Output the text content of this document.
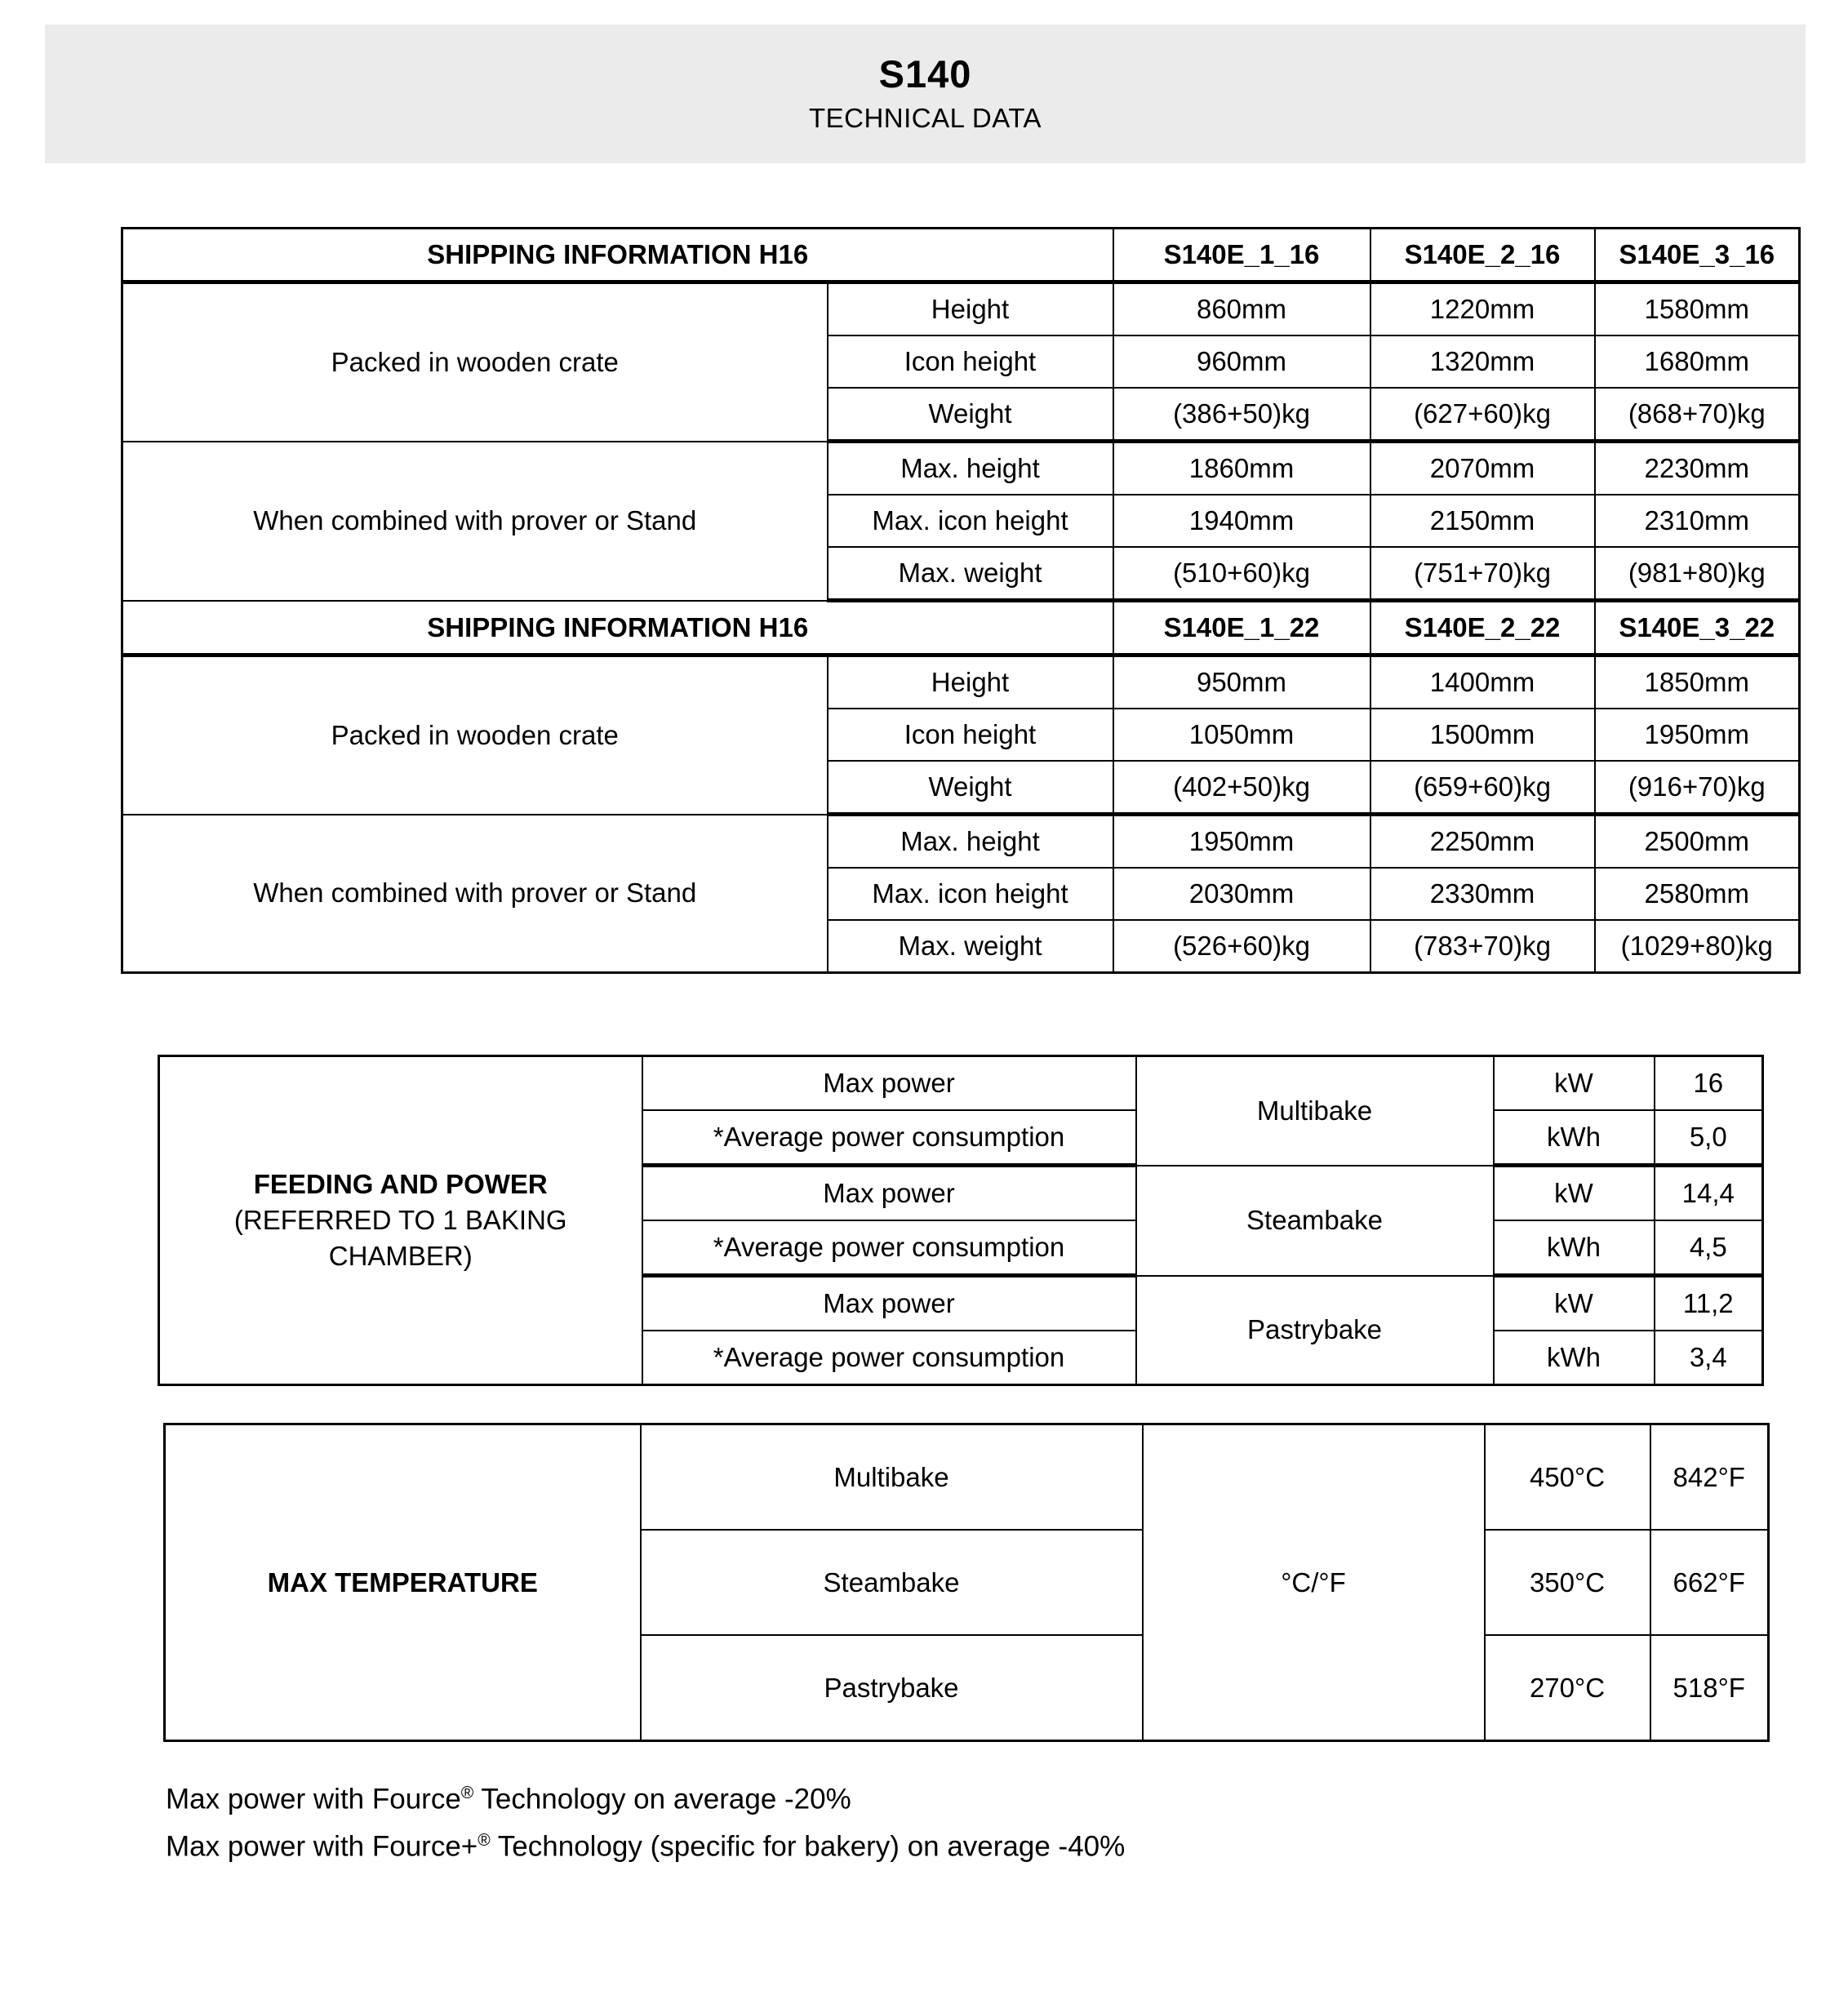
S140
TECHNICAL DATA
SHIPPING INFORMATION H16		S140E_1_16	S140E_2_16	S140E_3_16
Packed in wooden crate	Height	860mm	1220mm	1580mm
	Icon height	960mm	1320mm	1680mm
	Weight	(386+50)kg	(627+60)kg	(868+70)kg
When combined with prover or Stand	Max. height	1860mm	2070mm	2230mm
	Max. icon height	1940mm	2150mm	2310mm
	Max. weight	(510+60)kg	(751+70)kg	(981+80)kg
SHIPPING INFORMATION H16		S140E_1_22	S140E_2_22	S140E_3_22
Packed in wooden crate	Height	950mm	1400mm	1850mm
	Icon height	1050mm	1500mm	1950mm
	Weight	(402+50)kg	(659+60)kg	(916+70)kg
When combined with prover or Stand	Max. height	1950mm	2250mm	2500mm
	Max. icon height	2030mm	2330mm	2580mm
	Max. weight	(526+60)kg	(783+70)kg	(1029+80)kg
FEEDING AND POWER
(REFERRED TO 1 BAKING CHAMBER)	Max power	Multibake	kW	16
	*Average power consumption		kWh	5,0
	Max power	Steambake	kW	14,4
	*Average power consumption		kWh	4,5
	Max power	Pastrybake	kW	11,2
	*Average power consumption		kWh	3,4
MAX TEMPERATURE	Multibake	°C/°F	450°C	842°F
	Steambake		350°C	662°F
	Pastrybake		270°C	518°F
Max power with Fource® Technology on average -20%
Max power with Fource+® Technology (specific for bakery) on average -40%
